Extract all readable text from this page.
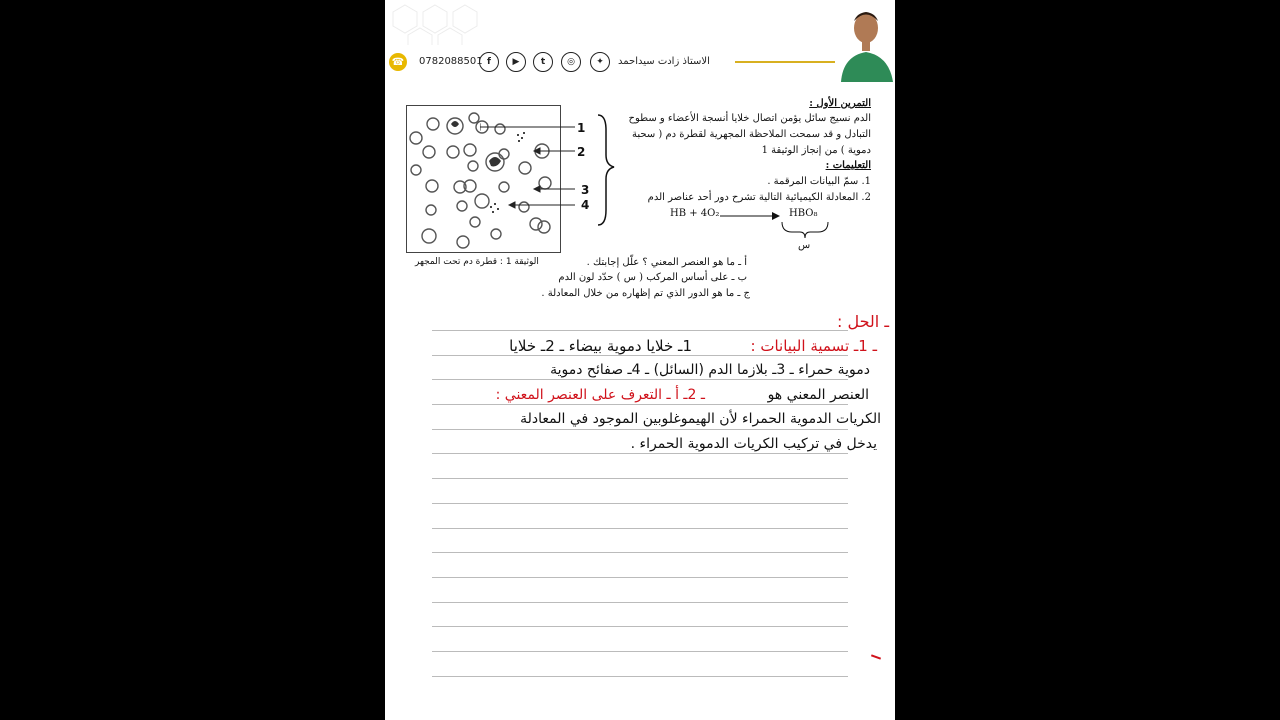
☎ 0782088501 f	▶	t	◎	✦	الاستاذ زادت سيداحمد
التمرين الأول :
الدم نسيج سائل يؤمن اتصال خلايا أنسجة الأعضاء و سطوح
التبادل و قد سمحت الملاحظة المجهرية لقطرة دم ( سحبة
دموية ) من إنجاز الوثيقة 1
التعليمات :
1. سمّ البيانات المرقمة .
2. المعادلة الكيميائية التالية تشرح دور أحد عناصر الدم
HB + 4O₂ → HBO₈
س
أ ـ ما هو العنصر المعني ؟ علّل إجابتك .
ب ـ على أساس المركب ( س ) حدّد لون الدم
ج ـ ما هو الدور الذي تم إظهاره من خلال المعادلة .
1
2
3
4
الوثيقة 1 : قطرة دم تحت المجهر
ـ الحل :
ـ 1ـ تسمية البيانات :
1ـ خلايا دموية بيضاء ـ 2ـ خلايا
دموية حمراء ـ 3ـ بلازما الدم (السائل) ـ 4ـ صفائح دموية
ـ 2ـ أ ـ التعرف على العنصر المعني :	العنصر المعني هو
الكريات الدموية الحمراء لأن الهيموغلوبين الموجود في المعادلة
يدخل في تركيب الكريات الدموية الحمراء .
